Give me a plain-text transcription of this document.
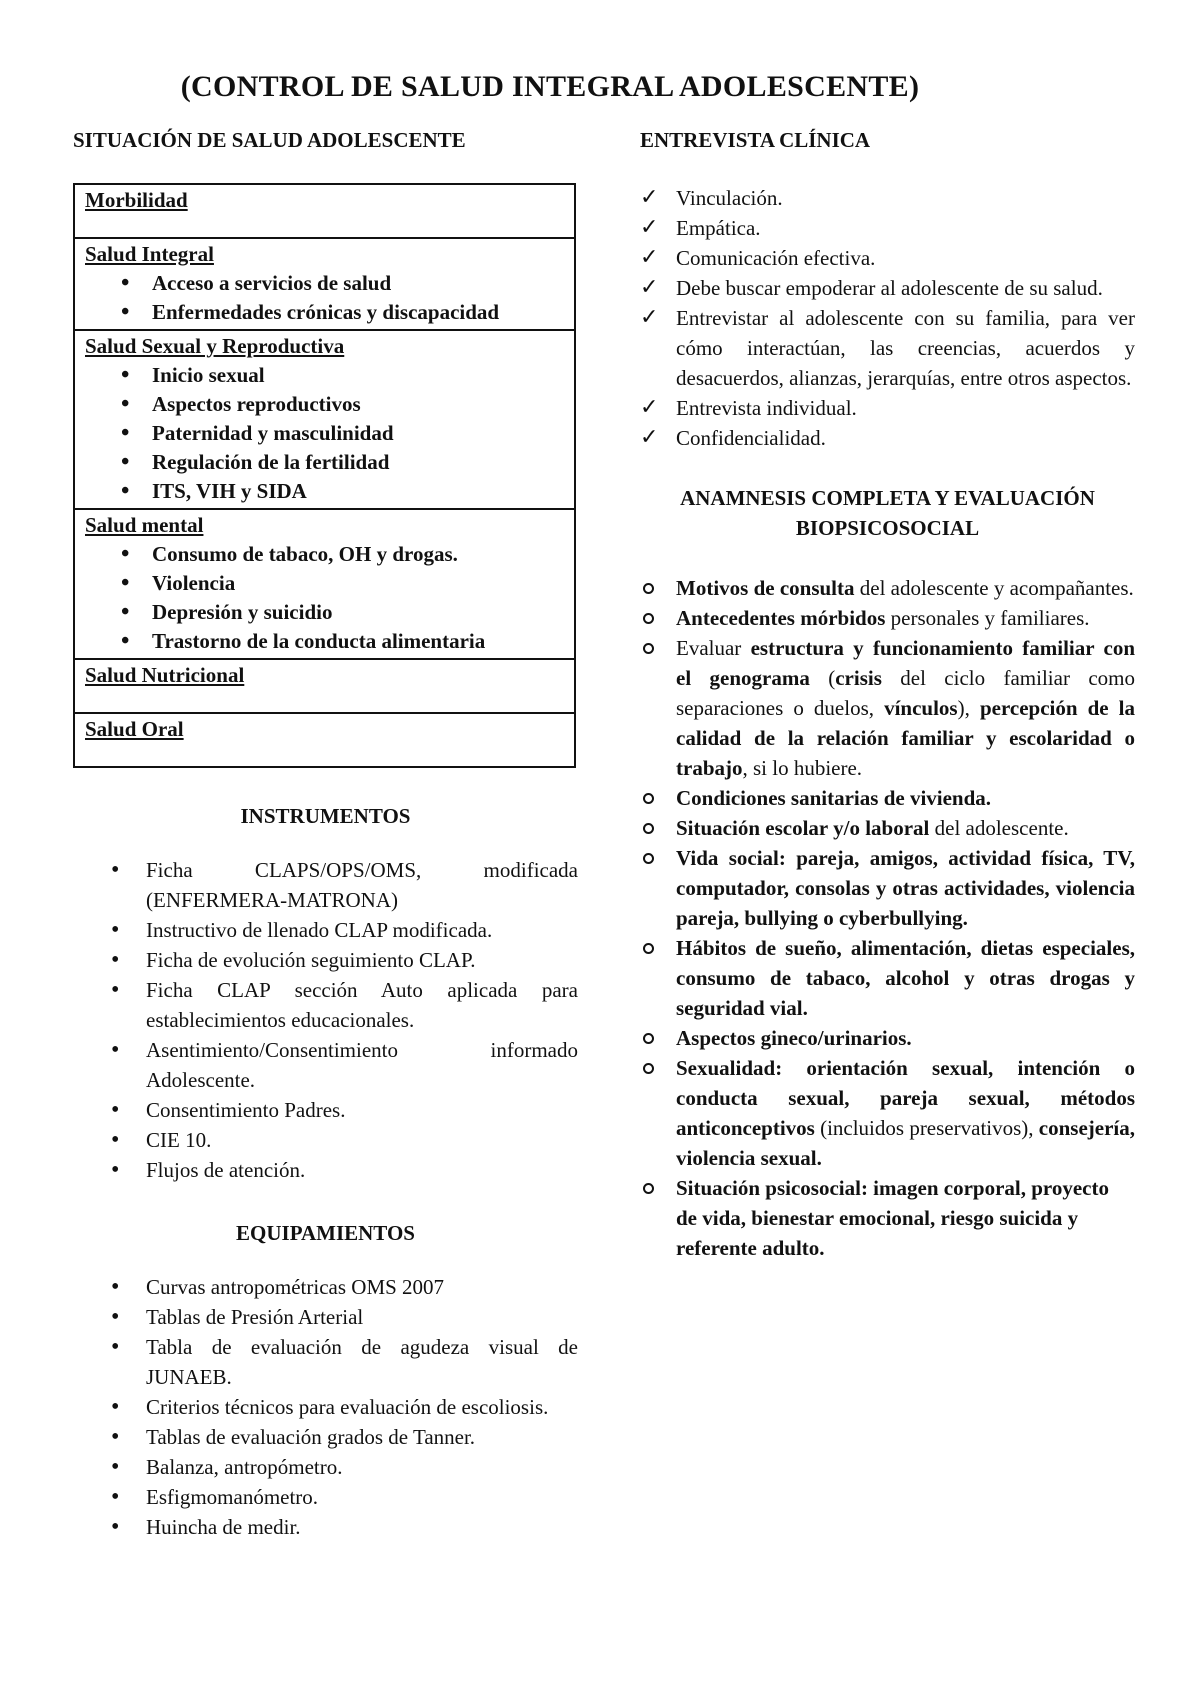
(CONTROL DE SALUD INTEGRAL ADOLESCENTE)

SITUACIÓN DE SALUD ADOLESCENTE

Morbilidad

Salud Integral
• Acceso a servicios de salud
• Enfermedades crónicas y discapacidad

Salud Sexual y Reproductiva
• Inicio sexual
• Aspectos reproductivos
• Paternidad y masculinidad
• Regulación de la fertilidad
• ITS, VIH y SIDA

Salud mental
• Consumo de tabaco, OH y drogas.
• Violencia
• Depresión y suicidio
• Trastorno de la conducta alimentaria

Salud Nutricional

Salud Oral

INSTRUMENTOS

• Ficha CLAPS/OPS/OMS, modificada (ENFERMERA-MATRONA)
• Instructivo de llenado CLAP modificada.
• Ficha de evolución seguimiento CLAP.
• Ficha CLAP sección Auto aplicada para establecimientos educacionales.
• Asentimiento/Consentimiento informado Adolescente.
• Consentimiento Padres.
• CIE 10.
• Flujos de atención.

EQUIPAMIENTOS

• Curvas antropométricas OMS 2007
• Tablas de Presión Arterial
• Tabla de evaluación de agudeza visual de JUNAEB.
• Criterios técnicos para evaluación de escoliosis.
• Tablas de evaluación grados de Tanner.
• Balanza, antropómetro.
• Esfigmomanómetro.
• Huincha de medir.

ENTREVISTA CLÍNICA

✓ Vinculación.
✓ Empática.
✓ Comunicación efectiva.
✓ Debe buscar empoderar al adolescente de su salud.
✓ Entrevistar al adolescente con su familia, para ver cómo interactúan, las creencias, acuerdos y desacuerdos, alianzas, jerarquías, entre otros aspectos.
✓ Entrevista individual.
✓ Confidencialidad.

ANAMNESIS COMPLETA Y EVALUACIÓN
BIOPSICOSOCIAL

Motivos de consulta del adolescente y acompañantes.
Antecedentes mórbidos personales y familiares.
Evaluar estructura y funcionamiento familiar con el genograma (crisis del ciclo familiar como separaciones o duelos, vínculos), percepción de la calidad de la relación familiar y escolaridad o trabajo, si lo hubiere.
Condiciones sanitarias de vivienda.
Situación escolar y/o laboral del adolescente.
Vida social: pareja, amigos, actividad física, TV, computador, consolas y otras actividades, violencia pareja, bullying o cyberbullying.
Hábitos de sueño, alimentación, dietas especiales, consumo de tabaco, alcohol y otras drogas y seguridad vial.
Aspectos gineco/urinarios.
Sexualidad: orientación sexual, intención o conducta sexual, pareja sexual, métodos anticonceptivos (incluidos preservativos), consejería, violencia sexual.
Situación psicosocial: imagen corporal, proyecto de vida, bienestar emocional, riesgo suicida y referente adulto.
